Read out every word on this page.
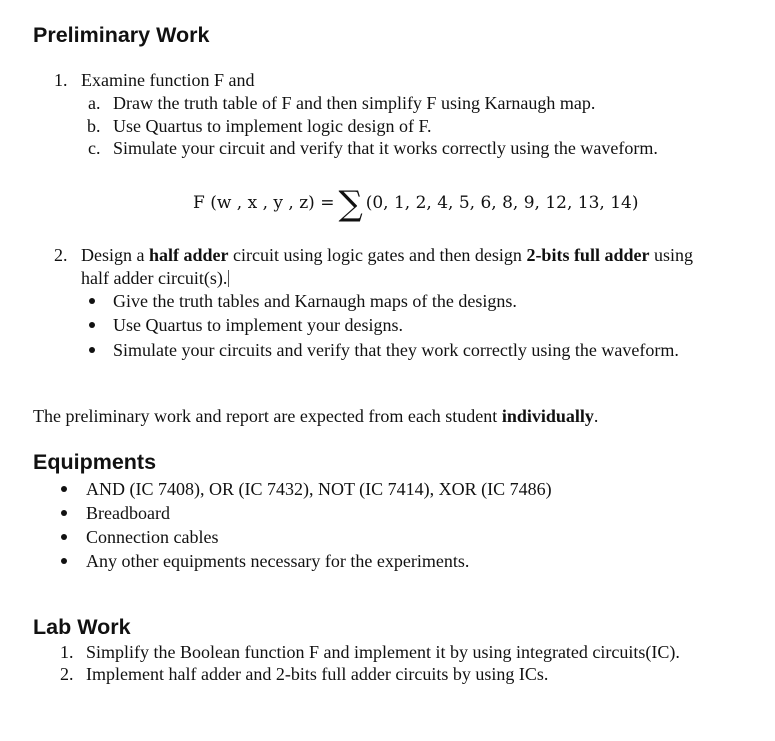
Preliminary Work
1. Examine function F and
a. Draw the truth table of F and then simplify F using Karnaugh map.
b. Use Quartus to implement logic design of F.
c. Simulate your circuit and verify that it works correctly using the waveform.
F (w , x , y , z) = ∑ (0, 1, 2, 4, 5, 6, 8, 9, 12, 13, 14)
2. Design a half adder circuit using logic gates and then design 2-bits full adder using
half adder circuit(s).
Give the truth tables and Karnaugh maps of the designs.
Use Quartus to implement your designs.
Simulate your circuits and verify that they work correctly using the waveform.

The preliminary work and report are expected from each student individually.

Equipments
AND (IC 7408), OR (IC 7432), NOT (IC 7414), XOR (IC 7486)
Breadboard
Connection cables
Any other equipments necessary for the experiments.
Lab Work
1. Simplify the Boolean function F and implement it by using integrated circuits(IC).
2. Implement half adder and 2-bits full adder circuits by using ICs.
